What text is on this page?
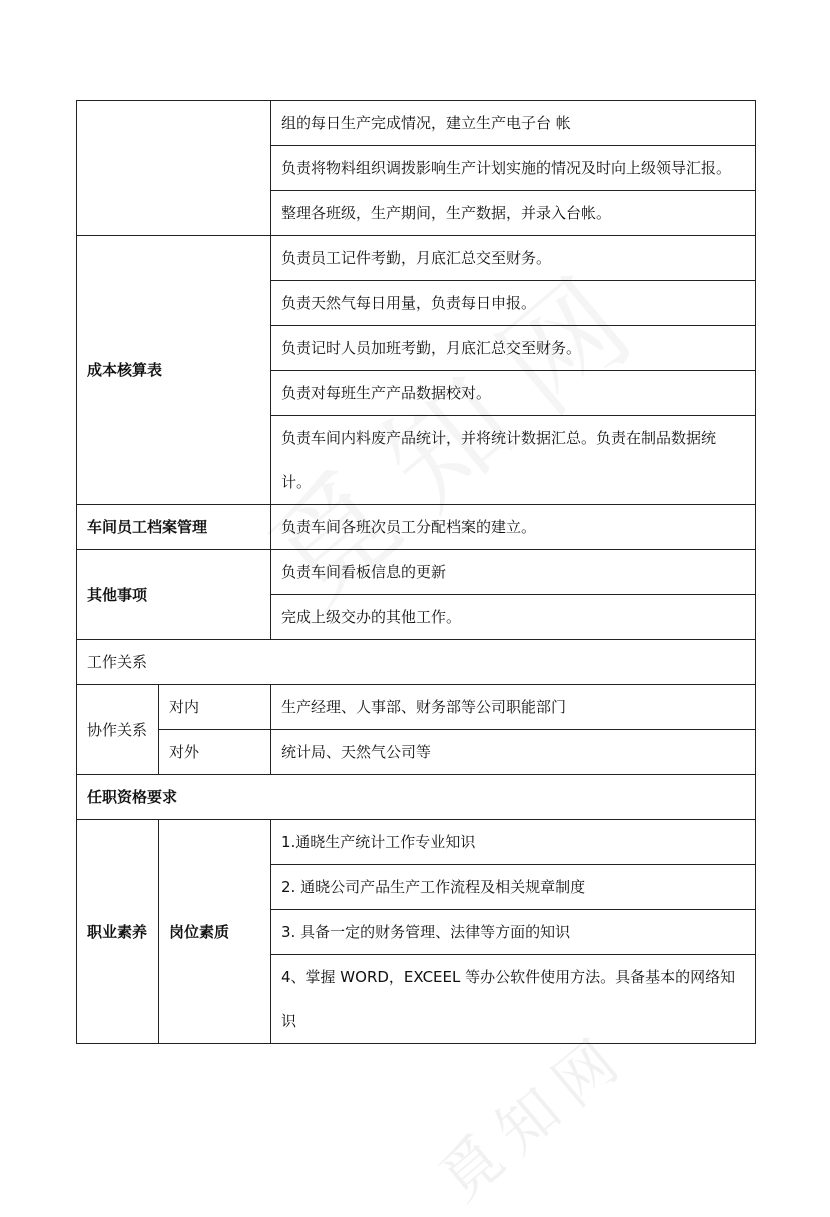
		组的每日生产完成情况，建立生产电子台 帐
		负责将物料组织调拨影响生产计划实施的情况及时向上级领导汇报。
		整理各班级，生产期间，生产数据，并录入台帐。
成本核算表		负责员工记件考勤，月底汇总交至财务。
		负责天然气每日用量，负责每日申报。
		负责记时人员加班考勤，月底汇总交至财务。
		负责对每班生产产品数据校对。
		负责车间内料废产品统计，并将统计数据汇总。负责在制品数据统计。
车间员工档案管理		负责车间各班次员工分配档案的建立。
其他事项		负责车间看板信息的更新
		完成上级交办的其他工作。
工作关系		
协作关系	对内	生产经理、人事部、财务部等公司职能部门
	对外	统计局、天然气公司等
任职资格要求		
职业素养	岗位素质	1.通晓生产统计工作专业知识
		2. 通晓公司产品生产工作流程及相关规章制度
		3. 具备一定的财务管理、法律等方面的知识
		4、掌握 WORD，EXCEEL 等办公软件使用方法。具备基本的网络知识 覓知网
